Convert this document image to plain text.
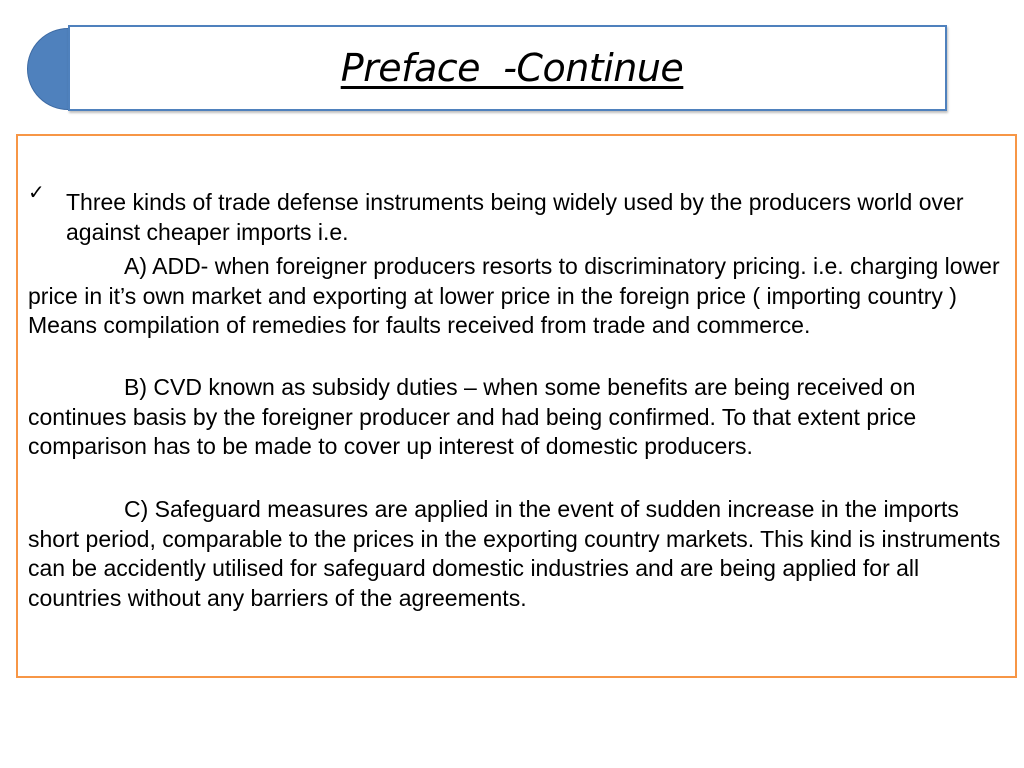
Preface  -Continue
✓ Three kinds of trade defense instruments being widely used by the producers world over against cheaper imports i.e.

A) ADD- when foreigner producers resorts to discriminatory pricing. i.e. charging lower price in it’s own market and exporting at lower price in the foreign price ( importing country ) Means compilation of remedies for faults received from trade and commerce.

B) CVD known as subsidy duties – when some benefits are being received on continues basis by the foreigner producer and had being confirmed. To that extent price comparison has to be made to cover up interest of domestic producers.

C) Safeguard measures are applied in the event of sudden increase in the imports short period, comparable to the prices in the exporting country markets. This kind is instruments can be accidently utilised for safeguard domestic industries and are being applied for all countries without any barriers of the agreements.
